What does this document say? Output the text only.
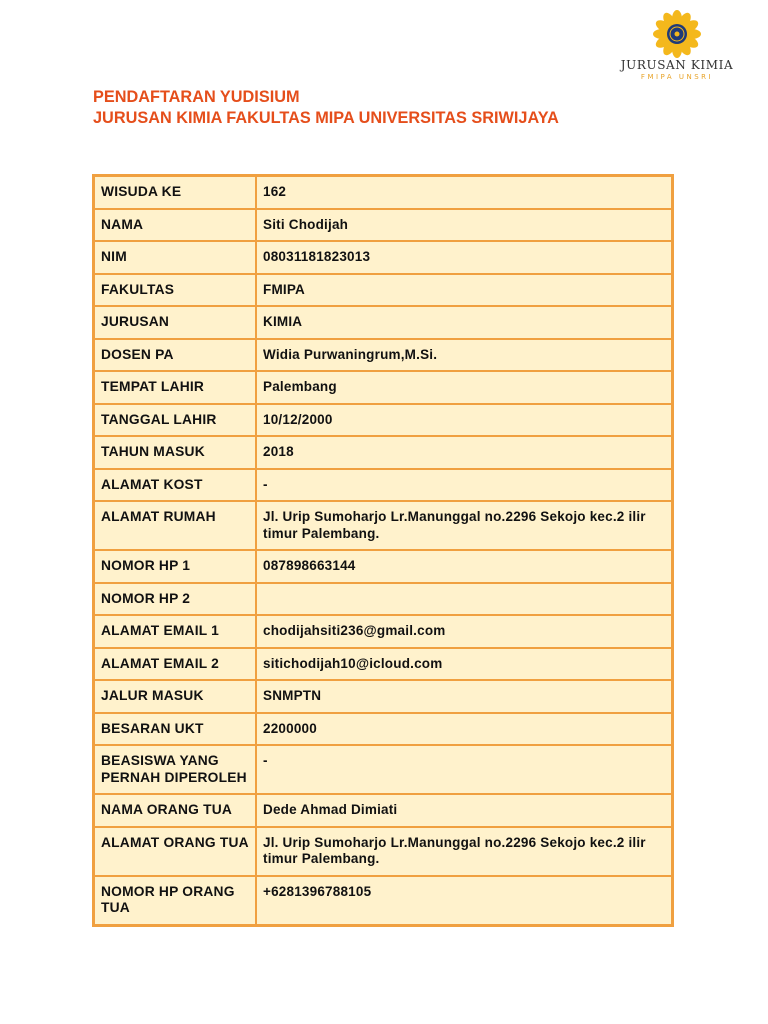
JURUSAN KIMIA
FMIPA UNSRI
PENDAFTARAN YUDISIUM
JURUSAN KIMIA FAKULTAS MIPA UNIVERSITAS SRIWIJAYA
WISUDA KE	162
NAMA	Siti Chodijah
NIM	08031181823013
FAKULTAS	FMIPA
JURUSAN	KIMIA
DOSEN PA	Widia Purwaningrum,M.Si.
TEMPAT LAHIR	Palembang
TANGGAL LAHIR	10/12/2000
TAHUN MASUK	2018
ALAMAT KOST	-
ALAMAT RUMAH	Jl. Urip Sumoharjo Lr.Manunggal no.2296 Sekojo kec.2 ilir timur Palembang.
NOMOR HP 1	087898663144
NOMOR HP 2	
ALAMAT EMAIL 1	chodijahsiti236@gmail.com
ALAMAT EMAIL 2	sitichodijah10@icloud.com
JALUR MASUK	SNMPTN
BESARAN UKT	2200000
BEASISWA YANG PERNAH DIPEROLEH	-
NAMA ORANG TUA	Dede Ahmad Dimiati
ALAMAT ORANG TUA	Jl. Urip Sumoharjo Lr.Manunggal no.2296 Sekojo kec.2 ilir timur Palembang.
NOMOR HP ORANG TUA	+6281396788105
